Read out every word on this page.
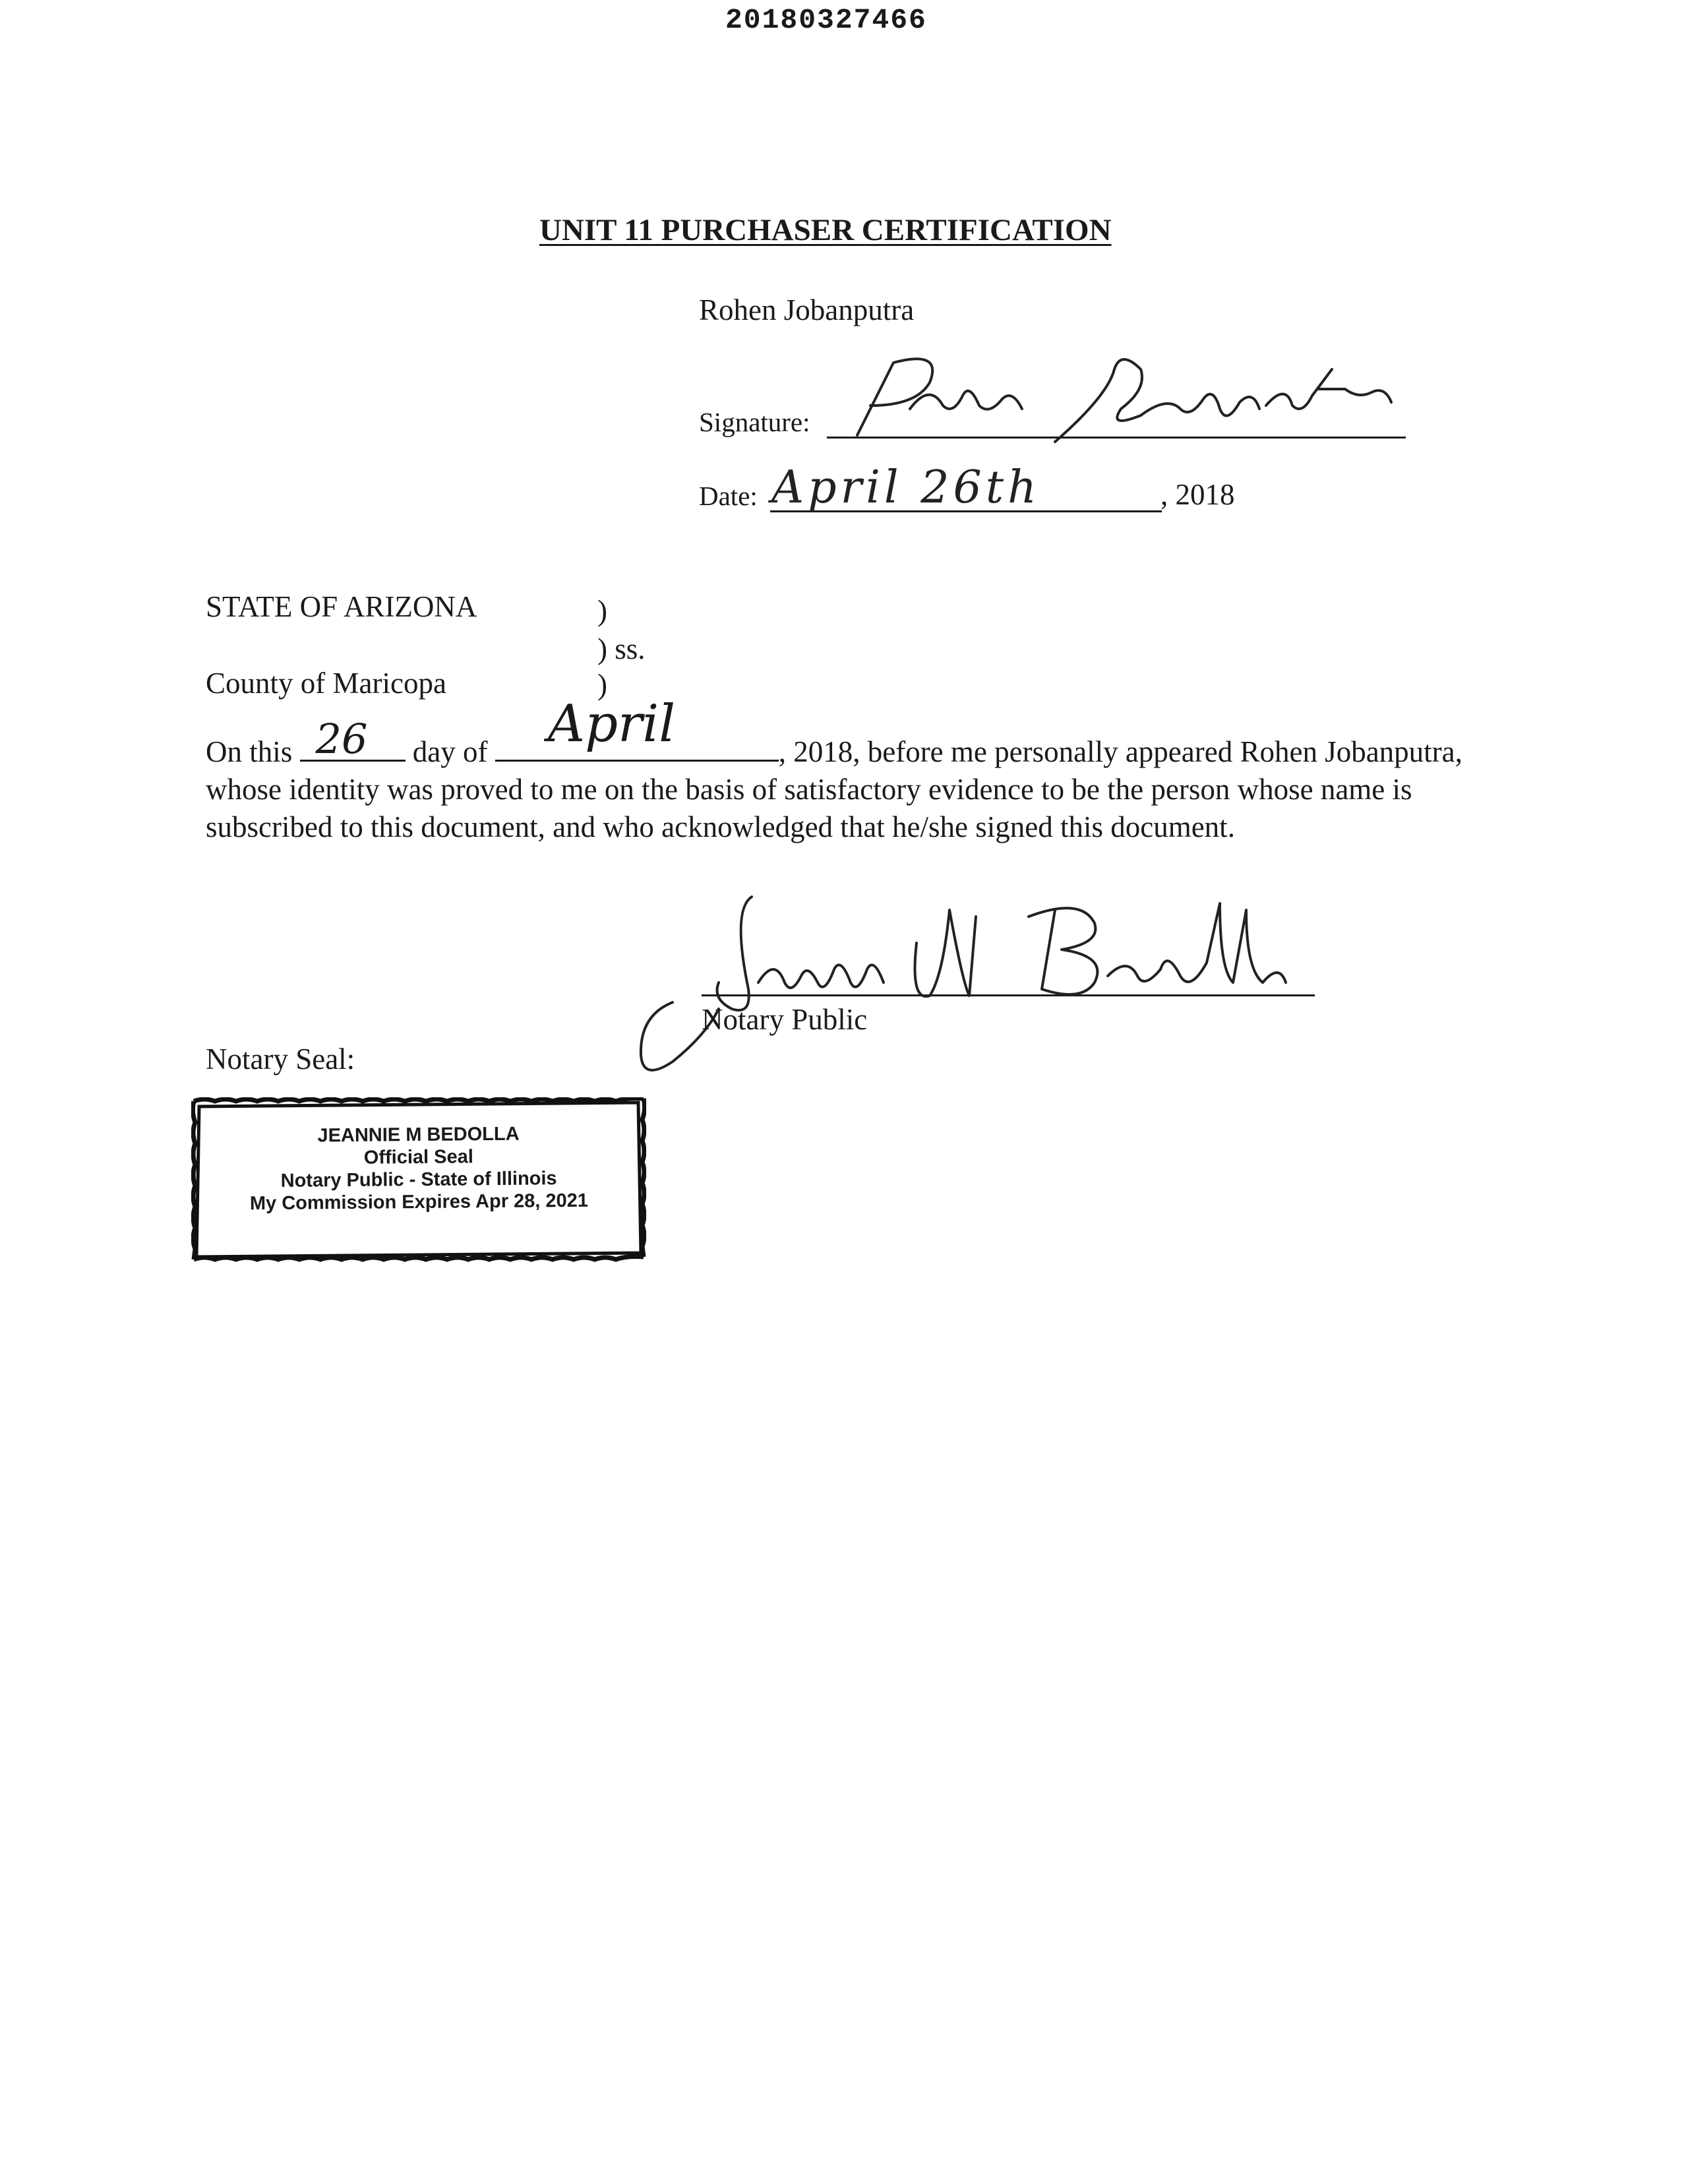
20180327466
UNIT 11 PURCHASER CERTIFICATION
Rohen Jobanputra
Signature:
Date: April 26th	, 2018
STATE OF ARIZONA	)
) ss.
County of Maricopa	)
On this 26 day of April	, 2018, before me personally appeared Rohen Jobanputra, whose identity was proved to me on the basis of satisfactory evidence to be the person whose name is subscribed to this document, and who acknowledged that he/she signed this document.
Notary Public
Notary Seal:
JEANNIE M BEDOLLA
Official Seal
Notary Public - State of Illinois
My Commission Expires Apr 28, 2021
